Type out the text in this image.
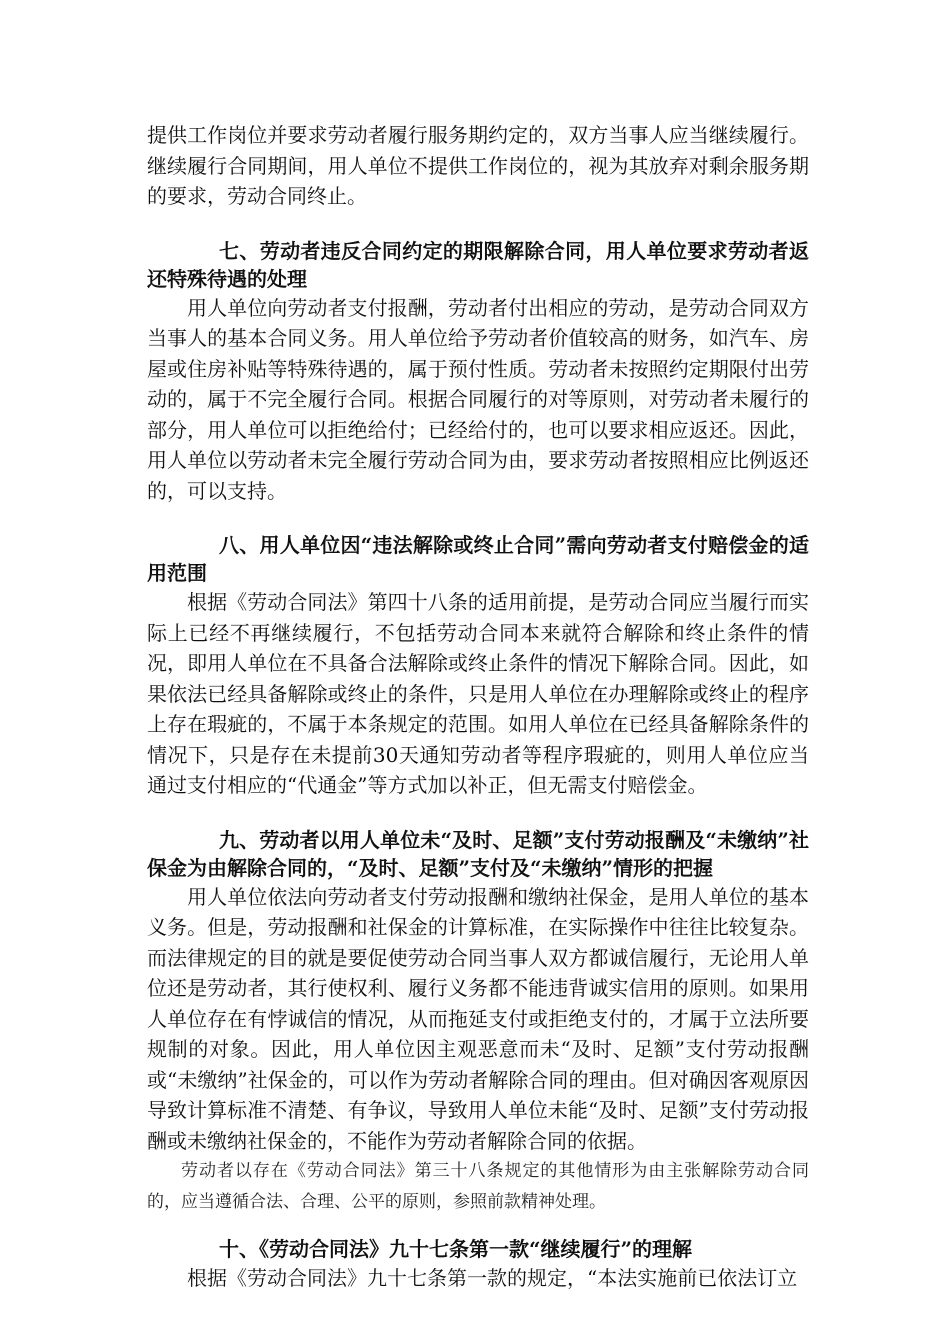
提供工作岗位并要求劳动者履行服务期约定的，双方当事人应当继续履行。继续履行合同期间，用人单位不提供工作岗位的，视为其放弃对剩余服务期的要求，劳动合同终止。

七、劳动者违反合同约定的期限解除合同，用人单位要求劳动者返还特殊待遇的处理

用人单位向劳动者支付报酬，劳动者付出相应的劳动，是劳动合同双方当事人的基本合同义务。用人单位给予劳动者价值较高的财务，如汽车、房屋或住房补贴等特殊待遇的，属于预付性质。劳动者未按照约定期限付出劳动的，属于不完全履行合同。根据合同履行的对等原则，对劳动者未履行的部分，用人单位可以拒绝给付；已经给付的，也可以要求相应返还。因此，用人单位以劳动者未完全履行劳动合同为由，要求劳动者按照相应比例返还的，可以支持。

八、用人单位因“违法解除或终止合同”需向劳动者支付赔偿金的适用范围

根据《劳动合同法》第四十八条的适用前提，是劳动合同应当履行而实际上已经不再继续履行，不包括劳动合同本来就符合解除和终止条件的情况，即用人单位在不具备合法解除或终止条件的情况下解除合同。因此，如果依法已经具备解除或终止的条件，只是用人单位在办理解除或终止的程序上存在瑕疵的，不属于本条规定的范围。如用人单位在已经具备解除条件的情况下，只是存在未提前30天通知劳动者等程序瑕疵的，则用人单位应当通过支付相应的“代通金”等方式加以补正，但无需支付赔偿金。

九、劳动者以用人单位未“及时、足额”支付劳动报酬及“未缴纳”社保金为由解除合同的，“及时、足额”支付及“未缴纳”情形的把握

用人单位依法向劳动者支付劳动报酬和缴纳社保金，是用人单位的基本义务。但是，劳动报酬和社保金的计算标准，在实际操作中往往比较复杂。而法律规定的目的就是要促使劳动合同当事人双方都诚信履行，无论用人单位还是劳动者，其行使权利、履行义务都不能违背诚实信用的原则。如果用人单位存在有悖诚信的情况，从而拖延支付或拒绝支付的，才属于立法所要规制的对象。因此，用人单位因主观恶意而未“及时、足额”支付劳动报酬或“未缴纳”社保金的，可以作为劳动者解除合同的理由。但对确因客观原因导致计算标准不清楚、有争议，导致用人单位未能“及时、足额”支付劳动报酬或未缴纳社保金的，不能作为劳动者解除合同的依据。

劳动者以存在《劳动合同法》第三十八条规定的其他情形为由主张解除劳动合同的，应当遵循合法、合理、公平的原则，参照前款精神处理。

十、《劳动合同法》九十七条第一款“继续履行”的理解

根据《劳动合同法》九十七条第一款的规定，“本法实施前已依法订立
